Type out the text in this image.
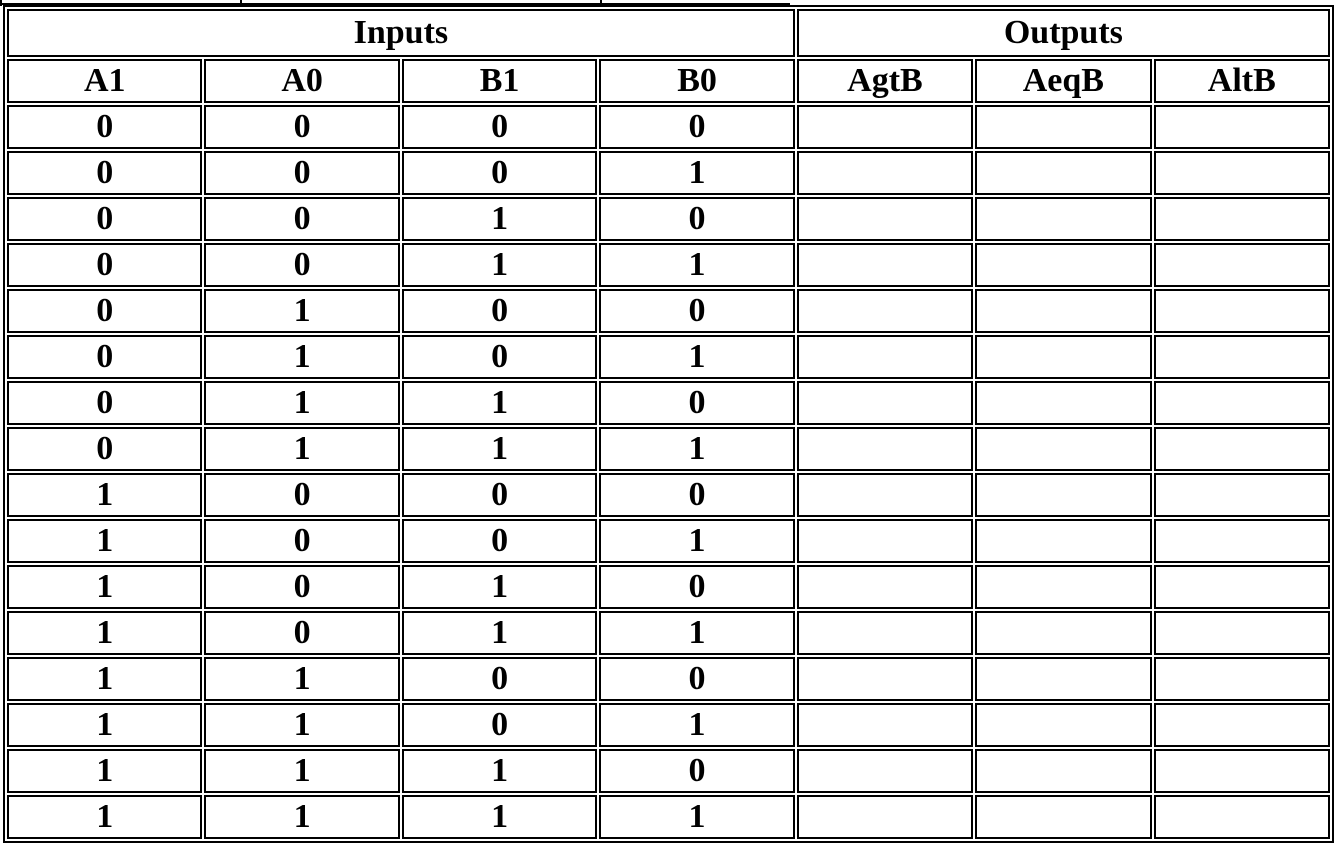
Inputs				Outputs		
A1	A0	B1	B0	AgtB	AeqB	AltB
0	0	0	0			
0	0	0	1			
0	0	1	0			
0	0	1	1			
0	1	0	0			
0	1	0	1			
0	1	1	0			
0	1	1	1			
1	0	0	0			
1	0	0	1			
1	0	1	0			
1	0	1	1			
1	1	0	0			
1	1	0	1			
1	1	1	0			
1	1	1	1			
